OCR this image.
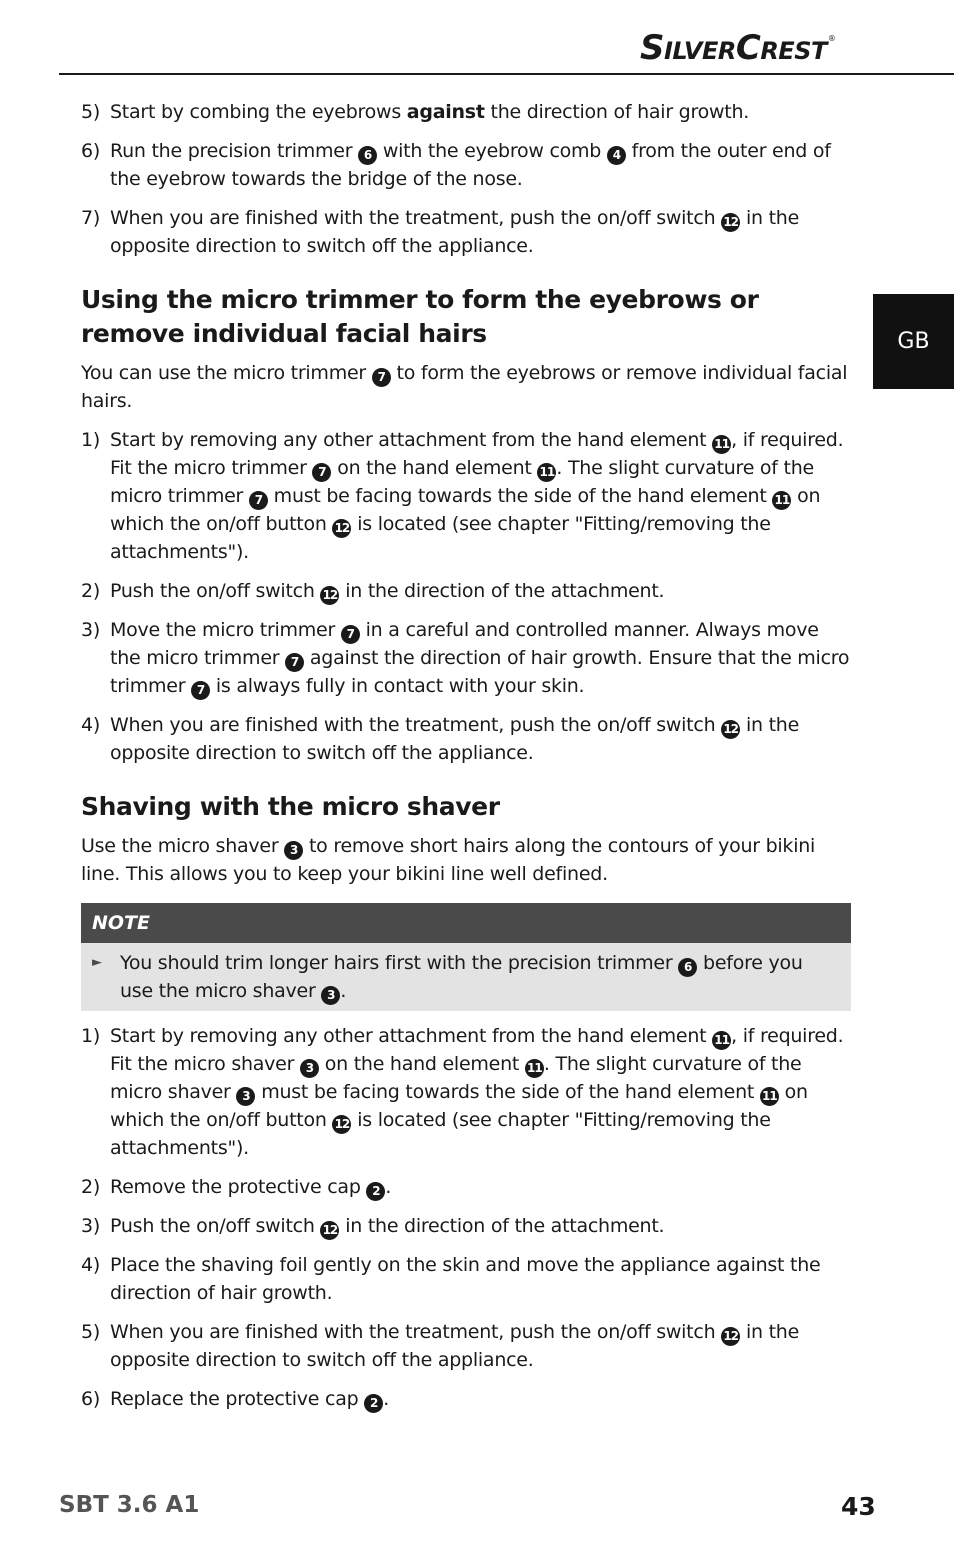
SILVERCREST®
GB
5) Start by combing the eyebrows against the direction of hair growth.
6) Run the precision trimmer 6 with the eyebrow comb 4 from the outer end of the eyebrow towards the bridge of the nose.
7) When you are finished with the treatment, push the on/off switch 12 in the opposite direction to switch off the appliance.
Using the micro trimmer to form the eyebrows or remove individual facial hairs

You can use the micro trimmer 7 to form the eyebrows or remove individual facial hairs.

1) Start by removing any other attachment from the hand element 11 , if required. Fit the micro trimmer 7 on the hand element 11 . The slight curvature of the micro trimmer 7 must be facing towards the side of the hand element 11 on which the on/off button 12 is located (see chapter "Fitting/removing the attachments").
2) Push the on/off switch 12 in the direction of the attachment.
3) Move the micro trimmer 7 in a careful and controlled manner. Always move the micro trimmer 7 against the direction of hair growth. Ensure that the micro trimmer 7 is always fully in contact with your skin.
4) When you are finished with the treatment, push the on/off switch 12 in the opposite direction to switch off the appliance.
Shaving with the micro shaver

Use the micro shaver 3 to remove short hairs along the contours of your bikini line. This allows you to keep your bikini line well defined.

NOTE
► You should trim longer hairs first with the precision trimmer 6 before you use the micro shaver 3 .
1) Start by removing any other attachment from the hand element 11 , if required. Fit the micro shaver 3 on the hand element 11 . The slight curvature of the micro shaver 3 must be facing towards the side of the hand element 11 on which the on/off button 12 is located (see chapter "Fitting/removing the attachments").
2) Remove the protective cap 2 .
3) Push the on/off switch 12 in the direction of the attachment.
4) Place the shaving foil gently on the skin and move the appliance against the direction of hair growth.
5) When you are finished with the treatment, push the on/off switch 12 in the opposite direction to switch off the appliance.
6) Replace the protective cap 2 .
SBT 3.6 A1	43
